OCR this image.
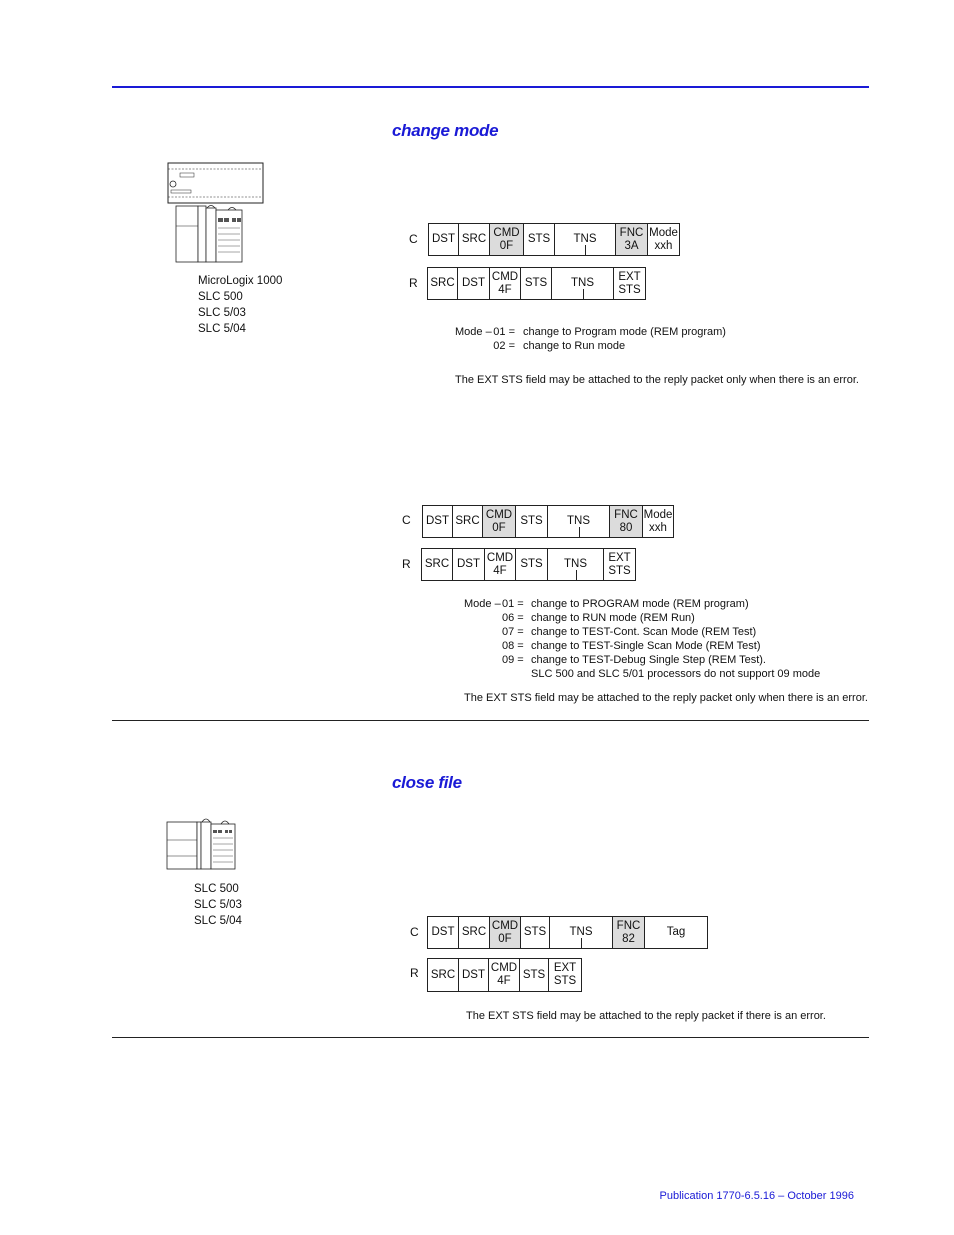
change mode
MicroLogix 1000
SLC 500
SLC 5/03
SLC 5/04
C DST SRC
CMD
0F
STS TNS
FNC
3A
Mode
xxh
R SRC DST
CMD
4F
STS TNS
EXT
STS
Mode – 01 = change to Program mode (REM program)
02 = change to Run mode
The EXT STS field may be attached to the reply packet only when there is an error.
C DST SRC
CMD
0F
STS TNS
FNC
80
Mode
xxh
R SRC DST
CMD
4F
STS TNS
EXT
STS
Mode – 01 = change to PROGRAM mode (REM program)
06 = change to RUN mode (REM Run)
07 = change to TEST-Cont. Scan Mode (REM Test)
08 = change to TEST-Single Scan Mode (REM Test)
09 = change to TEST-Debug Single Step (REM Test).
SLC 500 and SLC 5/01 processors do not support 09 mode
The EXT STS field may be attached to the reply packet only when there is an error.
close file
SLC 500
SLC 5/03
SLC 5/04
C DST SRC
CMD
0F
STS TNS
FNC
82
Tag
R SRC DST
CMD
4F
STS
EXT
STS
The EXT STS field may be attached to the reply packet if there is an error.
Publication 1770-6.5.16 – October 1996
